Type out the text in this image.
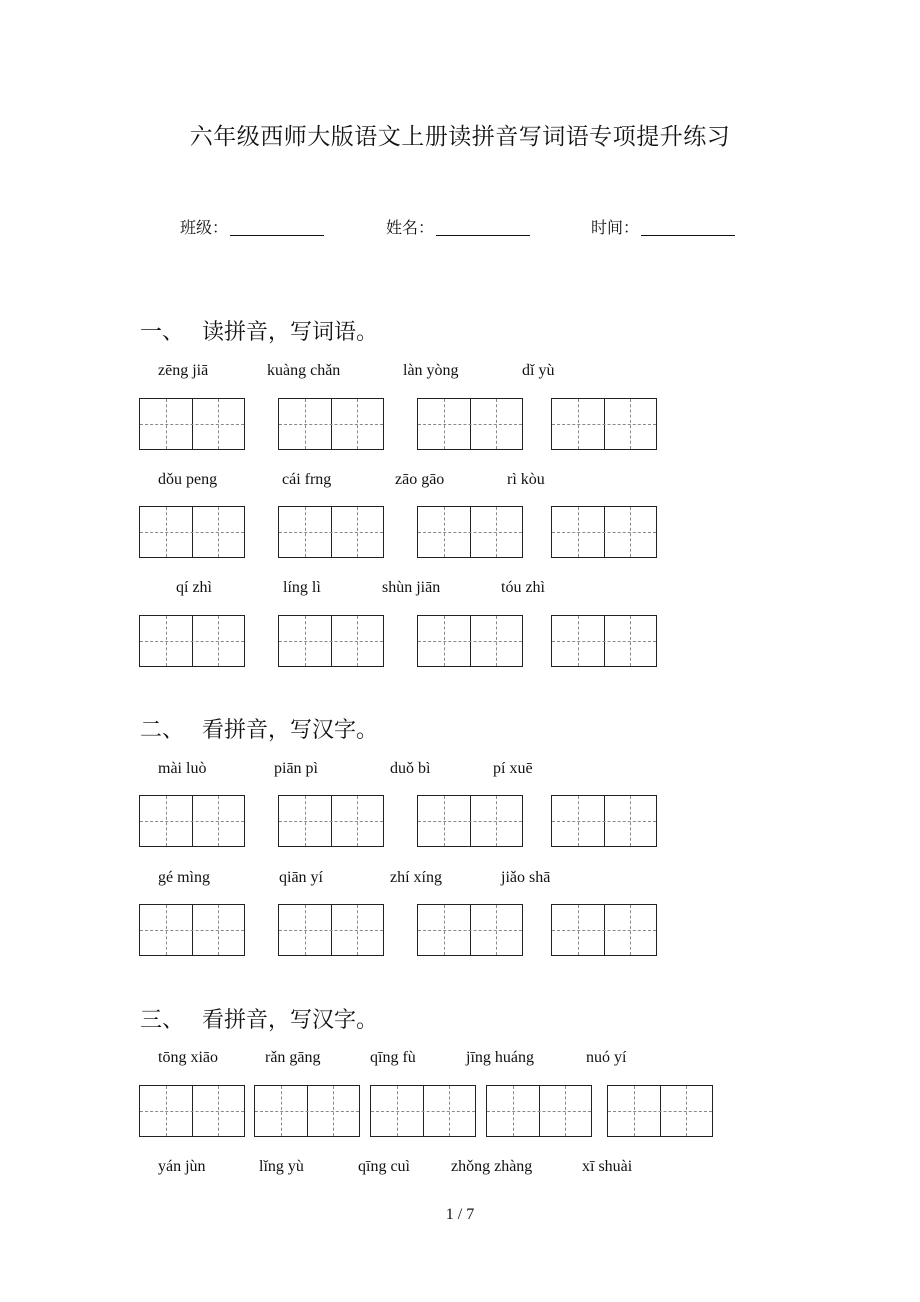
六年级西师大版语文上册读拼音写词语专项提升练习
班级：	姓名：	时间：
一、 读拼音，写词语。
zēng jiā	kuàng chǎn	làn yòng	dǐ yù
dǒu peng	cái frng	zāo gāo	rì kòu
qí zhì	líng lì	shùn jiān	tóu zhì
二、 看拼音，写汉字。
mài luò	piān pì	duǒ bì	pí xuē
gé mìng	qiān yí	zhí xíng	jiǎo shā
三、 看拼音，写汉字。
tōng xiāo	rǎn gāng	qīng fù	jīng huáng	nuó yí
yán jùn	lǐng yù	qīng cuì	zhǒng zhàng	xī shuài
1 / 7
